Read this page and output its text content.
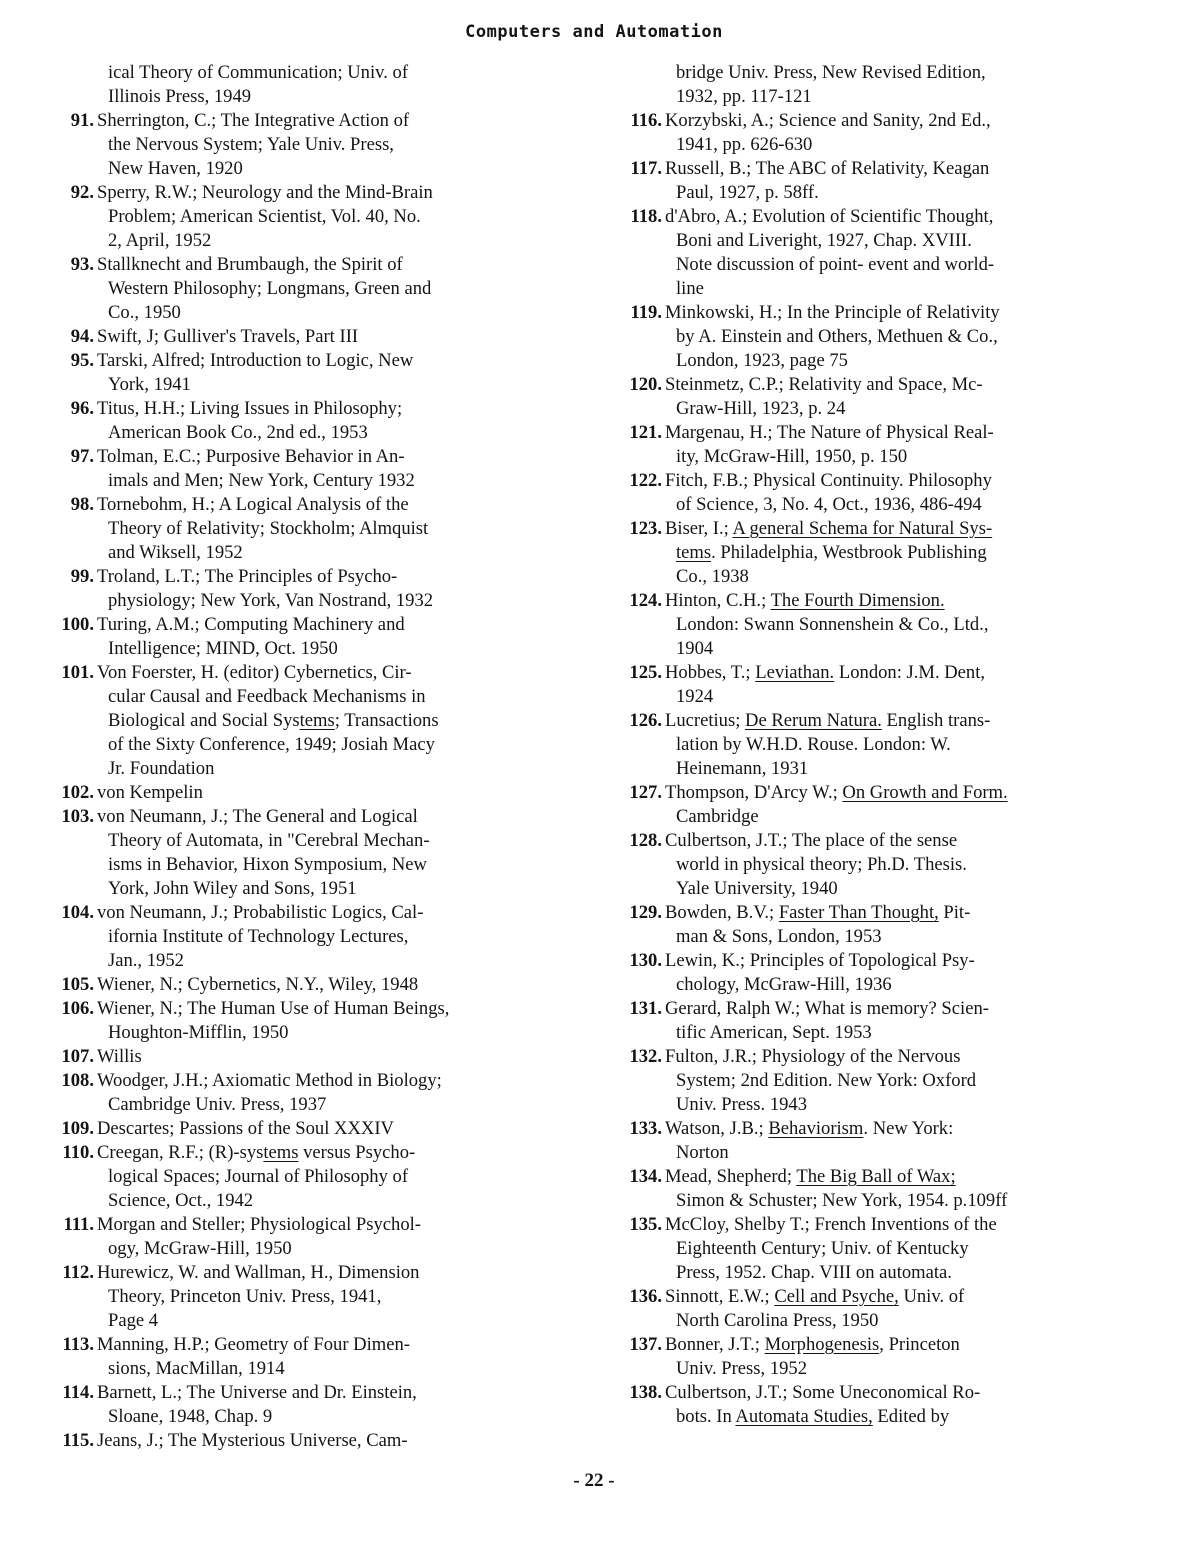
Computers and Automation
ical Theory of Communication; Univ. of
Illinois Press, 1949
91. Sherrington, C.; The Integrative Action of
the Nervous System; Yale Univ. Press,
New Haven, 1920
92. Sperry, R.W.; Neurology and the Mind-Brain
Problem; American Scientist, Vol. 40, No.
2, April, 1952
93. Stallknecht and Brumbaugh, the Spirit of
Western Philosophy; Longmans, Green and
Co., 1950
94. Swift, J; Gulliver's Travels, Part III
95. Tarski, Alfred; Introduction to Logic, New
York, 1941
96. Titus, H.H.; Living Issues in Philosophy;
American Book Co., 2nd ed., 1953
97. Tolman, E.C.; Purposive Behavior in An-
imals and Men; New York, Century 1932
98. Tornebohm, H.; A Logical Analysis of the
Theory of Relativity; Stockholm; Almquist
and Wiksell, 1952
99. Troland, L.T.; The Principles of Psycho-
physiology; New York, Van Nostrand, 1932
100. Turing, A.M.; Computing Machinery and
Intelligence; MIND, Oct. 1950
101. Von Foerster, H. (editor) Cybernetics, Cir-
cular Causal and Feedback Mechanisms in
Biological and Social Systems; Transactions
of the Sixty Conference, 1949; Josiah Macy
Jr. Foundation
102. von Kempelin
103. von Neumann, J.; The General and Logical
Theory of Automata, in "Cerebral Mechan-
isms in Behavior, Hixon Symposium, New
York, John Wiley and Sons, 1951
104. von Neumann, J.; Probabilistic Logics, Cal-
ifornia Institute of Technology Lectures,
Jan., 1952
105. Wiener, N.; Cybernetics, N.Y., Wiley, 1948
106. Wiener, N.; The Human Use of Human Beings,
Houghton-Mifflin, 1950
107. Willis
108. Woodger, J.H.; Axiomatic Method in Biology;
Cambridge Univ. Press, 1937
109. Descartes; Passions of the Soul XXXIV
110. Creegan, R.F.; (R)-systems versus Psycho-
logical Spaces; Journal of Philosophy of
Science, Oct., 1942
111. Morgan and Steller; Physiological Psychol-
ogy, McGraw-Hill, 1950
112. Hurewicz, W. and Wallman, H., Dimension
Theory, Princeton Univ. Press, 1941,
Page 4
113. Manning, H.P.; Geometry of Four Dimen-
sions, MacMillan, 1914
114. Barnett, L.; The Universe and Dr. Einstein,
Sloane, 1948, Chap. 9
115. Jeans, J.; The Mysterious Universe, Cam-
bridge Univ. Press, New Revised Edition,
1932, pp. 117-121
116. Korzybski, A.; Science and Sanity, 2nd Ed.,
1941, pp. 626-630
117. Russell, B.; The ABC of Relativity, Keagan
Paul, 1927, p. 58ff.
118. d'Abro, A.; Evolution of Scientific Thought,
Boni and Liveright, 1927, Chap. XVIII.
Note discussion of point- event and world-
line
119. Minkowski, H.; In the Principle of Relativity
by A. Einstein and Others, Methuen & Co.,
London, 1923, page 75
120. Steinmetz, C.P.; Relativity and Space, Mc-
Graw-Hill, 1923, p. 24
121. Margenau, H.; The Nature of Physical Real-
ity, McGraw-Hill, 1950, p. 150
122. Fitch, F.B.; Physical Continuity. Philosophy
of Science, 3, No. 4, Oct., 1936, 486-494
123. Biser, I.; A general Schema for Natural Sys-
tems. Philadelphia, Westbrook Publishing
Co., 1938
124. Hinton, C.H.; The Fourth Dimension.
London: Swann Sonnenshein & Co., Ltd.,
1904
125. Hobbes, T.; Leviathan. London: J.M. Dent,
1924
126. Lucretius; De Rerum Natura. English trans-
lation by W.H.D. Rouse. London: W.
Heinemann, 1931
127. Thompson, D'Arcy W.; On Growth and Form.
Cambridge
128. Culbertson, J.T.; The place of the sense
world in physical theory; Ph.D. Thesis.
Yale University, 1940
129. Bowden, B.V.; Faster Than Thought, Pit-
man & Sons, London, 1953
130. Lewin, K.; Principles of Topological Psy-
chology, McGraw-Hill, 1936
131. Gerard, Ralph W.; What is memory? Scien-
tific American, Sept. 1953
132. Fulton, J.R.; Physiology of the Nervous
System; 2nd Edition. New York: Oxford
Univ. Press. 1943
133. Watson, J.B.; Behaviorism. New York:
Norton
134. Mead, Shepherd; The Big Ball of Wax;
Simon & Schuster; New York, 1954. p.109ff
135. McCloy, Shelby T.; French Inventions of the
Eighteenth Century; Univ. of Kentucky
Press, 1952. Chap. VIII on automata.
136. Sinnott, E.W.; Cell and Psyche, Univ. of
North Carolina Press, 1950
137. Bonner, J.T.; Morphogenesis, Princeton
Univ. Press, 1952
138. Culbertson, J.T.; Some Uneconomical Ro-
bots. In Automata Studies, Edited by
- 22 -
